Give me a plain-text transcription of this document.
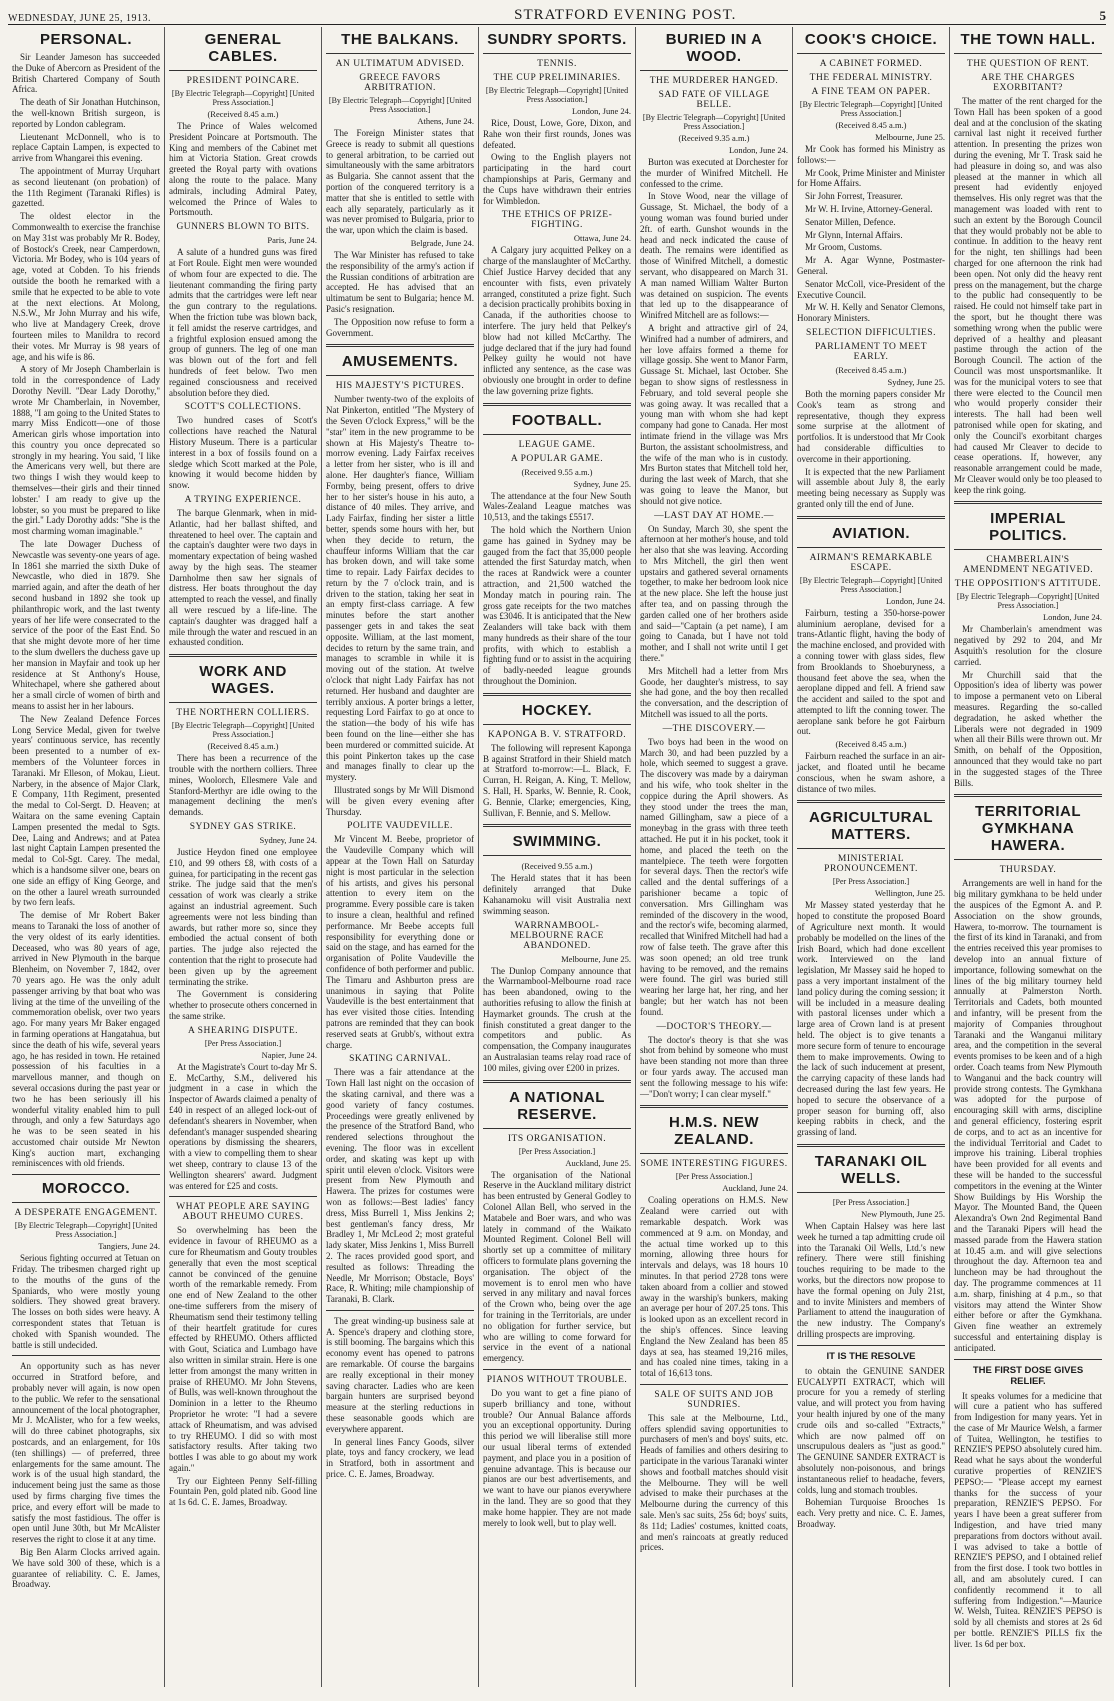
WEDNESDAY, JUNE 25, 1913.	STRATFORD EVENING POST.	5
PERSONAL.

Sir Leander Jameson has succeeded the Duke of Abercorn as President of the British Chartered Company of South Africa.

The death of Sir Jonathan Hutchinson, the well-known British surgeon, is reported by London cablegram.

Lieutenant McDonnell, who is to replace Captain Lampen, is expected to arrive from Whangarei this evening.

The appointment of Murray Urquhart as second lieutenant (on probation) of the 11th Regiment (Taranaki Rifles) is gazetted.

The oldest elector in the Commonwealth to exercise the franchise on May 31st was probably Mr R. Bodey, of Bostock's Creek, near Camperdown, Victoria. Mr Bodey, who is 104 years of age, voted at Cobden. To his friends outside the booth he remarked with a smile that he expected to be able to vote at the next elections. At Molong, N.S.W., Mr John Murray and his wife, who live at Mandagery Creek, drove fourteen miles to Manildra to record their votes. Mr Murray is 98 years of age, and his wife is 86.

A story of Mr Joseph Chamberlain is told in the correspondence of Lady Dorothy Nevill. "Dear Lady Dorothy," wrote Mr Chamberlain, in November, 1888, "I am going to the United States to marry Miss Endicott—one of those American girls whose importation into this country you once deprecated so strongly in my hearing. You said, 'I like the Americans very well, but there are two things I wish they would keep to themselves—their girls and their tinned lobster.' I am ready to give up the lobster, so you must be prepared to like the girl." Lady Dorothy adds: "She is the most charming woman imaginable."

The late Dowager Duchess of Newcastle was seventy-one years of age. In 1861 she married the sixth Duke of Newcastle, who died in 1879. She married again, and after the death of her second husband in 1892 she took up philanthropic work, and the last twenty years of her life were consecrated to the service of the poor of the East End. So that she might devote more of her time to the slum dwellers the duchess gave up her mansion in Mayfair and took up her residence at St Anthony's House, Whitechapel, where she gathered about her a small circle of women of birth and means to assist her in her labours.

The New Zealand Defence Forces Long Service Medal, given for twelve years' continuous service, has recently been presented to a number of ex-members of the Volunteer forces in Taranaki. Mr Elleson, of Mokau, Lieut. Narbery, in the absence of Major Clark, E Company, 11th Regiment, presented the medal to Col-Sergt. D. Heaven; at Waitara on the same evening Captain Lampen presented the medal to Sgts. Dee, Laing and Andrews; and at Patea last night Captain Lampen presented the medal to Col-Sgt. Carey. The medal, which is a handsome silver one, bears on one side an effigy of King George, and on the other a laurel wreath surrounded by two fern leafs.

The demise of Mr Robert Baker means to Taranaki the loss of another of the very oldest of its early identities. Deceased, who was 80 years of age, arrived in New Plymouth in the barque Blenheim, on November 7, 1842, over 70 years ago. He was the only adult passenger arriving by that boat who was living at the time of the unveiling of the commemoration obelisk, over two years ago. For many years Mr Baker engaged in farming operations at Hangatahua, but since the death of his wife, several years ago, he has resided in town. He retained possession of his faculties in a marvellous manner, and though on several occasions during the past year or two he has been seriously ill his wonderful vitality enabled him to pull through, and only a few Saturdays ago he was to be seen seated in his accustomed chair outside Mr Newton King's auction mart, exchanging reminiscences with old friends.

MOROCCO.
A DESPERATE ENGAGEMENT.
[By Electric Telegraph—Copyright] [United Press Association.]
Tangiers, June 24.

Serious fighting occurred at Tetuan on Friday. The tribesmen charged right up to the mouths of the guns of the Spaniards, who were mostly young soldiers. They showed great bravery. The losses on both sides were heavy. A correspondent states that Tetuan is choked with Spanish wounded. The battle is still undecided.

An opportunity such as has never occurred in Stratford before, and probably never will again, is now open to the public. We refer to the sensational announcement of the local photographer, Mr J. McAlister, who for a few weeks, will do three cabinet photographs, six postcards, and an enlargement, for 10s (ten shillings) — of preferred, three enlargements for the same amount. The work is of the usual high standard, the inducement being just the same as those used by firms charging five times the price, and every effort will be made to satisfy the most fastidious. The offer is open until June 30th, but Mr McAlister reserves the right to close it at any time.

Big Ben Alarm Clocks arrived again. We have sold 300 of these, which is a guarantee of reliability. C. E. James, Broadway.

GENERAL CABLES.
PRESIDENT POINCARE.
[By Electric Telegraph—Copyright] [United Press Association.]
(Received 8.45 a.m.)

The Prince of Wales welcomed President Poincare at Portsmouth. The King and members of the Cabinet met him at Victoria Station. Great crowds greeted the Royal party with ovations along the route to the palace. Many admirals, including Admiral Patey, welcomed the Prince of Wales to Portsmouth.

GUNNERS BLOWN TO BITS.
Paris, June 24.

A salute of a hundred guns was fired at Fort Roule. Eight men were wounded of whom four are expected to die. The lieutenant commanding the firing party admits that the cartridges were left near the gun contrary to the regulations. When the friction tube was blown back, it fell amidst the reserve cartridges, and a frightful explosion ensued among the group of gunners. The leg of one man was blown out of the fort and fell hundreds of feet below. Two men regained consciousness and received absolution before they died.

SCOTT'S COLLECTIONS.

Two hundred cases of Scott's collections have reached the Natural History Museum. There is a particular interest in a box of fossils found on a sledge which Scott marked at the Pole, knowing it would become hidden by snow.

A TRYING EXPERIENCE.

The barque Glenmark, when in mid-Atlantic, had her ballast shifted, and threatened to heel over. The captain and the captain's daughter were two days in momentary expectation of being washed away by the high seas. The steamer Darnholme then saw her signals of distress. Her boats throughout the day attempted to reach the vessel, and finally all were rescued by a life-line. The captain's daughter was dragged half a mile through the water and rescued in an exhausted condition.

WORK AND WAGES.
THE NORTHERN COLLIERS.
[By Electric Telegraph—Copyright] [United Press Association.]
(Received 8.45 a.m.)

There has been a recurrence of the trouble with the northern colliers. Three mines, Woolorch, Ellesmere Vale and Stanford-Merthyr are idle owing to the management declining the men's demands.

SYDNEY GAS STRIKE.
Sydney, June 24.

Justice Heydon fined one employee £10, and 99 others £8, with costs of a guinea, for participating in the recent gas strike. The judge said that the men's cessation of work was clearly a strike against an industrial agreement. Such agreements were not less binding than awards, but rather more so, since they embodied the actual consent of both parties. The judge also rejected the contention that the right to prosecute had been given up by the agreement terminating the strike.

The Government is considering whether to prosecute others concerned in the same strike.

A SHEARING DISPUTE.
[Per Press Association.]
Napier, June 24.

At the Magistrate's Court to-day Mr S. E. McCarthy, S.M., delivered his judgment in a case in which the Inspector of Awards claimed a penalty of £40 in respect of an alleged lock-out of defendant's shearers in November, when defendant's manager suspended shearing operations by dismissing the shearers, with a view to compelling them to shear wet sheep, contrary to clause 13 of the Wellington shearers' award. Judgment was entered for £25 and costs.

WHAT PEOPLE ARE SAYING ABOUT RHEUMO CURES.

So overwhelming has been the evidence in favour of RHEUMO as a cure for Rheumatism and Gouty troubles generally that even the most sceptical cannot be convinced of the genuine worth of the remarkable remedy. From one end of New Zealand to the other one-time sufferers from the misery of Rheumatism send their testimony telling of their heartfelt gratitude for cures effected by RHEUMO. Others afflicted with Gout, Sciatica and Lumbago have also written in similar strain. Here is one letter from amongst the many written in praise of RHEUMO. Mr John Stevens, of Bulls, was well-known throughout the Dominion in a letter to the Rheumo Proprietor he wrote: "I had a severe attack of Rheumatism, and was advised to try RHEUMO. I did so with most satisfactory results. After taking two bottles I was able to go about my work again."

Try our Eighteen Penny Self-filling Fountain Pen, gold plated nib. Good line at 1s 6d. C. E. James, Broadway.

THE BALKANS.
AN ULTIMATUM ADVISED.
GREECE FAVORS ARBITRATION.
[By Electric Telegraph—Copyright] [United Press Association.]
Athens, June 24.

The Foreign Minister states that Greece is ready to submit all questions to general arbitration, to be carried out simultaneously with the same arbitrators as Bulgaria. She cannot assent that the portion of the conquered territory is a matter that she is entitled to settle with each ally separately, particularly as it was never promised to Bulgaria, prior to the war, upon which the claim is based.

Belgrade, June 24.

The War Minister has refused to take the responsibility of the army's action if the Russian conditions of arbitration are accepted. He has advised that an ultimatum be sent to Bulgaria; hence M. Pasic's resignation.

The Opposition now refuse to form a Government.

AMUSEMENTS.
HIS MAJESTY'S PICTURES.

Number twenty-two of the exploits of Nat Pinkerton, entitled "The Mystery of the Seven O'clock Express," will be the "star" item in the new programme to be shown at His Majesty's Theatre to-morrow evening. Lady Fairfax receives a letter from her sister, who is ill and alone. Her daughter's fiance, William Formby, being present, offers to drive her to her sister's house in his auto, a distance of 40 miles. They arrive, and Lady Fairfax, finding her sister a little better, spends some hours with her, but when they decide to return, the chauffeur informs William that the car has broken down, and will take some time to repair. Lady Fairfax decides to return by the 7 o'clock train, and is driven to the station, taking her seat in an empty first-class carriage. A few minutes before the start another passenger gets in and takes the seat opposite. William, at the last moment, decides to return by the same train, and manages to scramble in while it is moving out of the station. At twelve o'clock that night Lady Fairfax has not returned. Her husband and daughter are terribly anxious. A porter brings a letter, requesting Lord Fairfax to go at once to the station—the body of his wife has been found on the line—either she has been murdered or committed suicide. At this point Pinkerton takes up the case and manages finally to clear up the mystery.

Illustrated songs by Mr Will Dismond will be given every evening after Thursday.

POLITE VAUDEVILLE.

Mr Vincent M. Beebe, proprietor of the Vaudeville Company which will appear at the Town Hall on Saturday night is most particular in the selection of his artists, and gives his personal attention to every item on the programme. Every possible care is taken to insure a clean, healthful and refined performance. Mr Beebe accepts full responsibility for everything done or said on the stage, and has earned for the organisation of Polite Vaudeville the confidence of both performer and public. The Timaru and Ashburton press are unanimous in saying that Polite Vaudeville is the best entertainment that has ever visited those cities. Intending patrons are reminded that they can book reserved seats at Grubb's, without extra charge.

SKATING CARNIVAL.

There was a fair attendance at the Town Hall last night on the occasion of the skating carnival, and there was a good variety of fancy costumes. Proceedings were greatly enlivened by the presence of the Stratford Band, who rendered selections throughout the evening. The floor was in excellent order, and skating was kept up with spirit until eleven o'clock. Visitors were present from New Plymouth and Hawera. The prizes for costumes were won as follows:—Best ladies' fancy dress, Miss Burrell 1, Miss Jenkins 2; best gentleman's fancy dress, Mr Bradley 1, Mr McLeod 2; most grateful lady skater, Miss Jenkins 1, Miss Burrell 2. The races provided good sport, and resulted as follows: Threading the Needle, Mr Morrison; Obstacle, Boys' Race, R. Whiting; mile championship of Taranaki, B. Clark.

The great winding-up business sale at A. Spence's drapery and clothing store, is still booming. The bargains which this economy event has opened to patrons are remarkable. Of course the bargains are really exceptional in their money saving character. Ladies who are keen bargain hunters are surprised beyond measure at the sterling reductions in these seasonable goods which are everywhere apparent.

In general lines Fancy Goods, silver plate, toys and fancy crockery, we lead in Stratford, both in assortment and price. C. E. James, Broadway.

SUNDRY SPORTS.
TENNIS.
THE CUP PRELIMINARIES.
[By Electric Telegraph—Copyright] [United Press Association.]
London, June 24.

Rice, Doust, Lowe, Gore, Dixon, and Rahe won their first rounds, Jones was defeated.

Owing to the English players not participating in the hard court championships at Paris, Germany and the Cups have withdrawn their entries for Wimbledon.

THE ETHICS OF PRIZE-FIGHTING.
Ottawa, June 24.

A Calgary jury acquitted Pelkey on a charge of the manslaughter of McCarthy. Chief Justice Harvey decided that any encounter with fists, even privately arranged, constituted a prize fight. Such a decision practically prohibits boxing in Canada, if the authorities choose to interfere. The jury held that Pelkey's blow had not killed McCarthy. The judge declared that if the jury had found Pelkey guilty he would not have inflicted any sentence, as the case was obviously one brought in order to define the law governing prize fights.

FOOTBALL.
LEAGUE GAME.
A POPULAR GAME.
(Received 9.55 a.m.)
Sydney, June 25.

The attendance at the four New South Wales-Zealand League matches was 10,513, and the takings £5517.

The hold which the Northern Union game has gained in Sydney may be gauged from the fact that 35,000 people attended the first Saturday match, when the races at Randwick were a counter attraction, and 21,500 watched the Monday match in pouring rain. The gross gate receipts for the two matches was £3046. It is anticipated that the New Zealanders will take back with them many hundreds as their share of the tour profits, with which to establish a fighting fund or to assist in the acquiring of badly-needed league grounds throughout the Dominion.

HOCKEY.
KAPONGA B. V. STRATFORD.

The following will represent Kaponga B against Stratford in their Shield match at Stratford to-morrow:—L. Black, F. Curran, H. Reigan, A. King, T. Mellow, S. Hall, H. Sparks, W. Bennie, R. Cook, G. Bennie, Clarke; emergencies, King, Sullivan, F. Bennie, and S. Mellow.

SWIMMING.
(Received 9.55 a.m.)

The Herald states that it has been definitely arranged that Duke Kahanamoku will visit Australia next swimming season.

WARRNAMBOOL-MELBOURNE RACE ABANDONED.
Melbourne, June 25.

The Dunlop Company announce that the Warrnambool-Melbourne road race has been abandoned, owing to the authorities refusing to allow the finish at Haymarket grounds. The crush at the finish constituted a great danger to the competitors and public. As compensation, the Company inaugurates an Australasian teams relay road race of 100 miles, giving over £200 in prizes.

A NATIONAL RESERVE.
ITS ORGANISATION.
[Per Press Association.]
Auckland, June 25.

The organisation of the National Reserve in the Auckland military district has been entrusted by General Godley to Colonel Allan Bell, who served in the Matabele and Boer wars, and who was lately in command of the Waikato Mounted Regiment. Colonel Bell will shortly set up a committee of military officers to formulate plans governing the organisation. The object of the movement is to enrol men who have served in any military and naval forces of the Crown who, being over the age for training in the Territorials, are under no obligation for further service, but who are willing to come forward for service in the event of a national emergency.

PIANOS WITHOUT TROUBLE.

Do you want to get a fine piano of superb brilliancy and tone, without trouble? Our Annual Balance affords you an exceptional opportunity. During this period we will liberalise still more our usual liberal terms of extended payment, and place you in a position of genuine advantage. This is because our pianos are our best advertisements, and we want to have our pianos everywhere in the land. They are so good that they make home happier. They are not made merely to look well, but to play well.

BURIED IN A WOOD.
THE MURDERER HANGED.
SAD FATE OF VILLAGE BELLE.
[By Electric Telegraph—Copyright] [United Press Association.]
(Received 9.35 a.m.)
London, June 24.

Burton was executed at Dorchester for the murder of Winifred Mitchell. He confessed to the crime.

In Stove Wood, near the village of Gussage, St. Michael, the body of a young woman was found buried under 2ft. of earth. Gunshot wounds in the head and neck indicated the cause of death. The remains were identified as those of Winifred Mitchell, a domestic servant, who disappeared on March 31. A man named William Walter Burton was detained on suspicion. The events that led up to the disappearance of Winifred Mitchell are as follows:—

A bright and attractive girl of 24, Winifred had a number of admirers, and her love affairs formed a theme for village gossip. She went to Manor Farm, Gussage St. Michael, last October. She began to show signs of restlessness in February, and told several people she was going away. It was recalled that a young man with whom she had kept company had gone to Canada. Her most intimate friend in the village was Mrs Burton, the assistant schoolmistress, and the wife of the man who is in custody. Mrs Burton states that Mitchell told her, during the last week of March, that she was going to leave the Manor, but should not give notice.

—LAST DAY AT HOME.—

On Sunday, March 30, she spent the afternoon at her mother's house, and told her also that she was leaving. According to Mrs Mitchell, the girl then went upstairs and gathered several ornaments together, to make her bedroom look nice at the new place. She left the house just after tea, and on passing through the garden called one of her brothers aside and said—"Captain (a pet name), I am going to Canada, but I have not told mother, and I shall not write until I get there."

Mrs Mitchell had a letter from Mrs Goode, her daughter's mistress, to say she had gone, and the boy then recalled the conversation, and the description of Mitchell was issued to all the ports.

—THE DISCOVERY.—

Two boys had been in the wood on March 30, and had been puzzled by a hole, which seemed to suggest a grave. The discovery was made by a dairyman and his wife, who took shelter in the coppice during the April showers. As they stood under the trees the man, named Gillingham, saw a piece of a moneybag in the grass with three teeth attached. He put it in his pocket, took it home, and placed the teeth on the mantelpiece. The teeth were forgotten for several days. Then the rector's wife called and the dental sufferings of a parishioner became a topic of conversation. Mrs Gillingham was reminded of the discovery in the wood, and the rector's wife, becoming alarmed, recalled that Winifred Mitchell had had a row of false teeth. The grave after this was soon opened; an old tree trunk having to be removed, and the remains were found. The girl was buried still wearing her large hat, her ring, and her bangle; but her watch has not been found.

—DOCTOR'S THEORY.—

The doctor's theory is that she was shot from behind by someone who must have been standing not more than three or four yards away. The accused man sent the following message to his wife:—"Don't worry; I can clear myself."

H.M.S. NEW ZEALAND.
SOME INTERESTING FIGURES.
[Per Press Association.]
Auckland, June 24.

Coaling operations on H.M.S. New Zealand were carried out with remarkable despatch. Work was commenced at 9 a.m. on Monday, and the actual time worked up to this morning, allowing three hours for intervals and delays, was 18 hours 10 minutes. In that period 2728 tons were taken aboard from a collier and stowed away in the warship's bunkers, making an average per hour of 207.25 tons. This is looked upon as an excellent record in the ship's offences. Since leaving England the New Zealand has been 85 days at sea, has steamed 19,216 miles, and has coaled nine times, taking in a total of 16,613 tons.

SALE OF SUITS AND JOB SUNDRIES.

This sale at the Melbourne, Ltd., offers splendid saving opportunities to purchasers of men's and boys' suits, etc. Heads of families and others desiring to participate in the various Taranaki winter shows and football matches should visit the Melbourne. They will be well advised to make their purchases at the Melbourne during the currency of this sale. Men's sac suits, 25s 6d; boys' suits, 8s 11d; Ladies' costumes, knitted coats, and men's raincoats at greatly reduced prices.

COOK'S CHOICE.
A CABINET FORMED.
THE FEDERAL MINISTRY.
A FINE TEAM ON PAPER.
[By Electric Telegraph—Copyright] [United Press Association.]
(Received 8.45 a.m.)
Melbourne, June 25.

Mr Cook has formed his Ministry as follows:—

Mr Cook, Prime Minister and Minister for Home Affairs.

Sir John Forrest, Treasurer.

Mr W. H. Irvine, Attorney-General.

Senator Millen, Defence.

Mr Glynn, Internal Affairs.

Mr Groom, Customs.

Mr A. Agar Wynne, Postmaster-General.

Senator McColl, vice-President of the Executive Council.

Mr W. H. Kelly and Senator Clemons, Honorary Ministers.

SELECTION DIFFICULTIES.
PARLIAMENT TO MEET EARLY.
(Received 8.45 a.m.)
Sydney, June 25.

Both the morning papers consider Mr Cook's team as strong and representative, though they express some surprise at the allotment of portfolios. It is understood that Mr Cook had considerable difficulties to overcome in their apportioning.

It is expected that the new Parliament will assemble about July 8, the early meeting being necessary as Supply was granted only till the end of June.

AVIATION.
AIRMAN'S REMARKABLE ESCAPE.
[By Electric Telegraph—Copyright] [United Press Association.]
London, June 24.

Fairburn, testing a 350-horse-power aluminium aeroplane, devised for a trans-Atlantic flight, having the body of the machine enclosed, and provided with a conning tower with glass sides, flew from Brooklands to Shoeburyness, a thousand feet above the sea, when the aeroplane dipped and fell. A friend saw the accident and sailed to the spot and attempted to lift the conning tower. The aeroplane sank before he got Fairburn out.

(Received 8.45 a.m.)

Fairburn reached the surface in an air-jacket, and floated until he became conscious, when he swam ashore, a distance of two miles.

AGRICULTURAL MATTERS.
MINISTERIAL PRONOUNCEMENT.
[Per Press Association.]
Wellington, June 25.

Mr Massey stated yesterday that he hoped to constitute the proposed Board of Agriculture next month. It would probably be modelled on the lines of the Irish Board, which had done excellent work. Interviewed on the land legislation, Mr Massey said he hoped to pass a very important instalment of the land policy during the coming session; it will be included in a measure dealing with pastoral licenses under which a large area of Crown land is at present held. The object is to give tenants a more secure form of tenure to encourage them to make improvements. Owing to the lack of such inducement at present, the carrying capacity of these lands had decreased during the last few years. He hoped to secure the observance of a proper season for burning off, also keeping rabbits in check, and the grassing of land.

TARANAKI OIL WELLS.
[Per Press Association.]
New Plymouth, June 25.

When Captain Halsey was here last week he turned a tap admitting crude oil into the Taranaki Oil Wells, Ltd.'s new refinery. There were still finishing touches requiring to be made to the works, but the directors now propose to have the formal opening on July 21st, and to invite Ministers and members of Parliament to attend the inauguration of the new industry. The Company's drilling prospects are improving.

IT IS THE RESOLVE

to obtain the GENUINE SANDER EUCALYPTI EXTRACT, which will procure for you a remedy of sterling value, and will protect you from having your health injured by one of the many crude oils and so-called "Extracts," which are now palmed off on unscrupulous dealers as "just as good." The GENUINE SANDER EXTRACT is absolutely non-poisonous, and brings instantaneous relief to headache, fevers, colds, lung and stomach troubles.

Bohemian Turquoise Brooches 1s each. Very pretty and nice. C. E. James, Broadway.

THE TOWN HALL.
THE QUESTION OF RENT.
ARE THE CHARGES EXORBITANT?

The matter of the rent charged for the Town Hall has been spoken of a good deal and at the conclusion of the skating carnival last night it received further attention. In presenting the prizes won during the evening, Mr T. Trask said he had pleasure in doing so, and was also pleased at the manner in which all present had evidently enjoyed themselves. His only regret was that the management was loaded with rent to such an extent by the Borough Council that they would probably not be able to continue. In addition to the heavy rent for the night, ten shillings had been charged for one afternoon the rink had been open. Not only did the heavy rent press on the management, but the charge to the public had consequently to be raised. He could not himself take part in the sport, but he thought there was something wrong when the public were deprived of a healthy and pleasant pastime through the action of the Borough Council. The action of the Council was most unsportsmanlike. It was for the municipal voters to see that there were elected to the Council men who would properly consider their interests. The hall had been well patronised while open for skating, and only the Council's exorbitant charges had caused Mr Cleaver to decide to cease operations. If, however, any reasonable arrangement could be made, Mr Cleaver would only be too pleased to keep the rink going.

IMPERIAL POLITICS.
CHAMBERLAIN'S AMENDMENT NEGATIVED.
THE OPPOSITION'S ATTITUDE.
[By Electric Telegraph—Copyright] [United Press Association.]
London, June 24.

Mr Chamberlain's amendment was negatived by 292 to 204, and Mr Asquith's resolution for the closure carried.

Mr Churchill said that the Opposition's idea of liberty was power to impose a permanent veto on Liberal measures. Regarding the so-called degradation, he asked whether the Liberals were not degraded in 1909 when all their Bills were thrown out. Mr Smith, on behalf of the Opposition, announced that they would take no part in the suggested stages of the Three Bills.

TERRITORIAL GYMKHANA HAWERA.
THURSDAY.

Arrangements are well in hand for the big military gymkhana to be held under the auspices of the Egmont A. and P. Association on the show grounds, Hawera, to-morrow. The tournament is the first of its kind in Taranaki, and from the entries received this year promises to develop into an annual fixture of importance, following somewhat on the lines of the big military tourney held annually at Palmerston North. Territorials and Cadets, both mounted and infantry, will be present from the majority of Companies throughout Taranaki and the Wanganui military area, and the competition in the several events promises to be keen and of a high order. Coach teams from New Plymouth to Wanganui and the back country will provide strong contests. The Gymkhana was adopted for the purpose of encouraging skill with arms, discipline and general efficiency, fostering esprit de corps, and to act as an incentive for the individual Territorial and Cadet to improve his training. Liberal trophies have been provided for all events and these will be handed to the successful competitors in the evening at the Winter Show Buildings by His Worship the Mayor. The Mounted Band, the Queen Alexandra's Own 2nd Regimental Band and the Taranaki Pipers will head the massed parade from the Hawera station at 10.45 a.m. and will give selections throughout the day. Afternoon tea and luncheon may be had throughout the day. The programme commences at 11 a.m. sharp, finishing at 4 p.m., so that visitors may attend the Winter Show either before or after the Gymkhana. Given fine weather an extremely successful and entertaining display is anticipated.

THE FIRST DOSE GIVES RELIEF.

It speaks volumes for a medicine that will cure a patient who has suffered from Indigestion for many years. Yet in the case of Mr Maurice Welsh, a farmer of Tuitea, Wellington, he testifies to RENZIE'S PEPSO absolutely cured him. Read what he says about the wonderful curative properties of RENZIE'S PEPSO:— "Please accept my earnest thanks for the success of your preparation, RENZIE'S PEPSO. For years I have been a great sufferer from Indigestion, and have tried many preparations from doctors without avail. I was advised to take a bottle of RENZIE'S PEPSO, and I obtained relief from the first dose. I took two bottles in all, and am absolutely cured. I can confidently recommend it to all suffering from Indigestion."—Maurice W. Welsh, Tuitea. RENZIE'S PEPSO is sold by all chemists and stores at 2s 6d per bottle. RENZIE'S PILLS fix the liver. 1s 6d per box.
